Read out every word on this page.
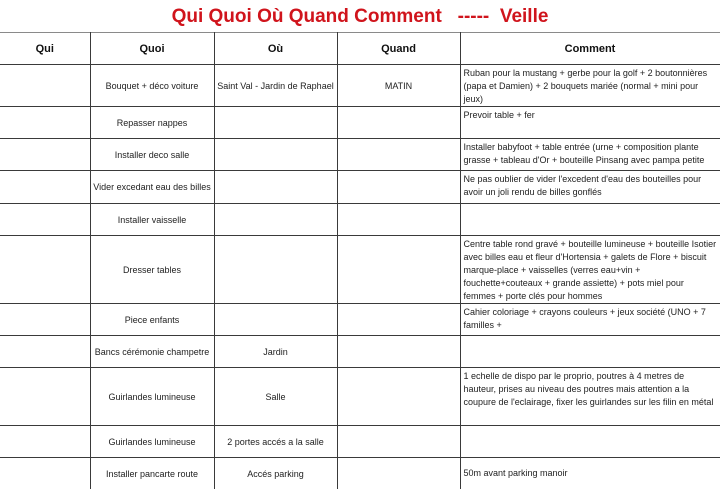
Qui Quoi Où Quand Comment   -----  Veille
Qui	Quoi	Où	Quand	Comment
	Bouquet + déco voiture	Saint Val - Jardin de Raphael	MATIN	Ruban pour la mustang + gerbe pour la golf + 2 boutonnières (papa et Damien) + 2 bouquets mariée (normal + mini pour jeux)
	Repasser nappes			Prevoir table + fer
	Installer deco salle			Installer babyfoot + table entrée (urne + composition plante grasse + tableau d'Or + bouteille Pinsang avec pampa petite
	Vider excedant eau des billes			Ne pas oublier de vider l'excedent d'eau des bouteilles pour avoir un joli rendu de billes gonflés
	Installer vaisselle			
	Dresser tables			Centre table rond gravé + bouteille lumineuse + bouteille Isotier avec billes eau et fleur d'Hortensia + galets de Flore + biscuit marque-place + vaisselles (verres eau+vin + fouchette+couteaux + grande assiette) + pots miel pour femmes + porte clés pour hommes
	Piece enfants			Cahier coloriage + crayons couleurs + jeux société (UNO + 7 familles +
	Bancs cérémonie champetre	Jardin		
	Guirlandes lumineuse	Salle		1 echelle de dispo par le proprio, poutres à 4 metres de hauteur, prises au niveau des poutres mais attention a la coupure de l'eclairage, fixer les guirlandes sur les filin en métal
	Guirlandes lumineuse	2 portes accés a la salle		
	Installer pancarte route	Accés parking		50m avant parking manoir
